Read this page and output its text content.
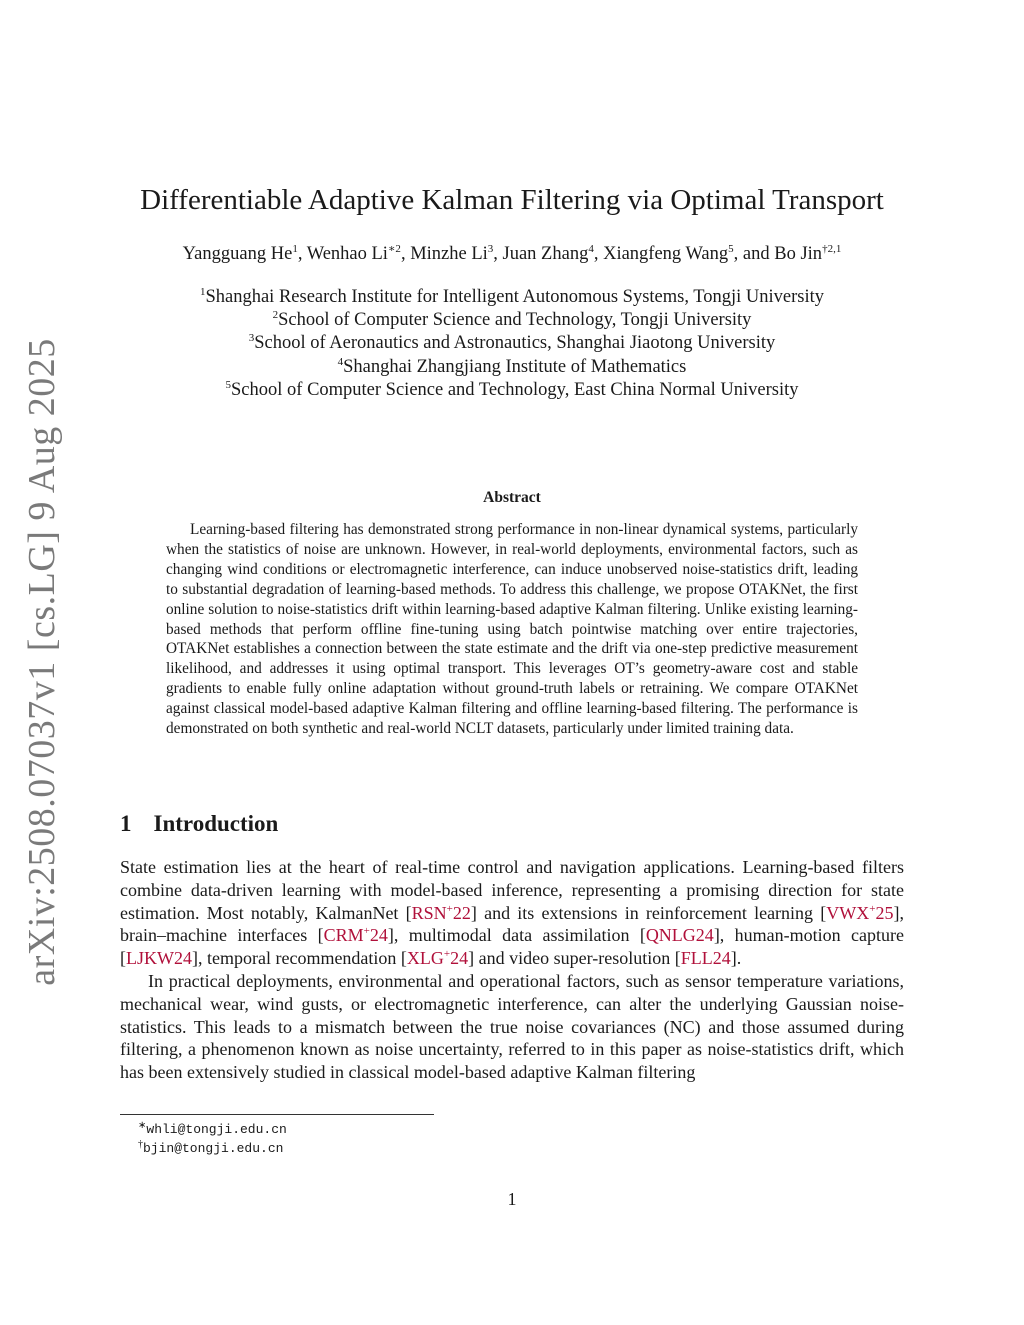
arXiv:2508.07037v1 [cs.LG] 9 Aug 2025
Differentiable Adaptive Kalman Filtering via Optimal Transport
Yangguang He$^1$, Wenhao $Li^{∗2}$, Minzhe Li$^3$, Juan Zhang$^4$, Xiangfeng Wang$^5$, and Bo Jin$^{\dagger 2,1}$
$^1$Shanghai Research Institute for Intelligent Autonomous Systems, Tongji University
$^2$School of Computer Science and Technology, Tongji University
$^3$School of Aeronautics and Astronautics, Shanghai Jiaotong University
$^4$Shanghai Zhangjiang Institute of Mathematics
$^5$School of Computer Science and Technology, East China Normal University
Abstract

Learning-based filtering has demonstrated strong performance in non-linear dynamical systems, particularly when the statistics of noise are unknown. However, in real-world deployments, environmental factors, such as changing wind conditions or electromagnetic interference, can induce unobserved noise-statistics drift, leading to substantial degradation of learning-based methods. To address this challenge, we propose OTAKNet, the first online solution to noise-statistics drift within learning-based adaptive Kalman filtering. Unlike existing learning-based methods that perform offline fine-tuning using batch pointwise matching over entire trajectories, OTAKNet establishes a connection between the state estimate and the drift via one-step predictive measurement likelihood, and addresses it using optimal transport. This leverages OT’s geometry-aware cost and stable gradients to enable fully online adaptation without ground-truth labels or retraining. We compare OTAKNet against classical model-based adaptive Kalman filtering and offline learning-based filtering. The performance is demonstrated on both synthetic and real-world NCLT datasets, particularly under limited training data.

1 Introduction

State estimation lies at the heart of real-time control and navigation applications. Learning-based filters combine data-driven learning with model-based inference, representing a promising direction for state estimation. Most notably, KalmanNet [RSN+22] and its extensions in reinforcement learning [VWX+25], brain–machine interfaces [CRM+24], multimodal data assimilation [QNLG24], human-motion capture [LJKW24], temporal recommendation [XLG+24] and video super-resolution [FLL24].

In practical deployments, environmental and operational factors, such as sensor temperature variations, mechanical wear, wind gusts, or electromagnetic interference, can alter the underlying Gaussian noise-statistics. This leads to a mismatch between the true noise covariances (NC) and those assumed during filtering, a phenomenon known as noise uncertainty, referred to in this paper as noise-statistics drift, which has been extensively studied in classical model-based adaptive Kalman filtering

∗whli@tongji.edu.cn
†bjin@tongji.edu.cn
1
